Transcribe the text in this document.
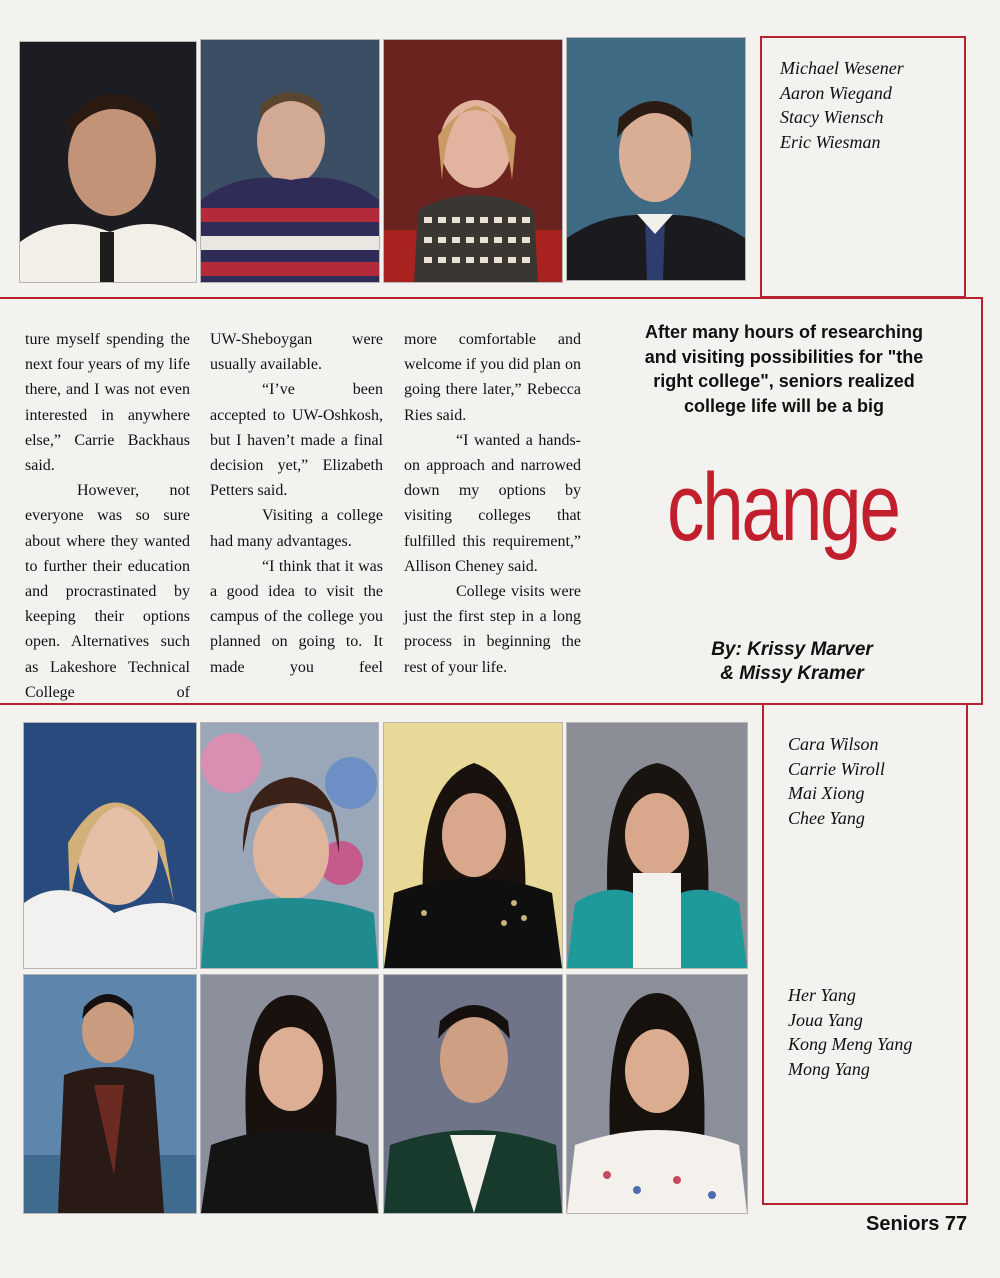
Michael Wesener
Aaron Wiegand
Stacy Wiensch
Eric Wiesman

ture myself spending the next four years of my life there, and I was not even interested in anywhere else,” Carrie Backhaus said.

However, not everyone was so sure about where they wanted to further their education and procrastinated by keeping their options open. Alternatives such as Lakeshore Technical College of

UW-Sheboygan were usually available.

“I’ve been accepted to UW-Oshkosh, but I haven’t made a final decision yet,” Elizabeth Petters said.

Visiting a college had many advantages.

“I think that it was a good idea to visit the campus of the college you planned on going to. It made you feel

more comfortable and welcome if you did plan on going there later,” Rebecca Ries said.

“I wanted a hands-on approach and narrowed down my options by visiting colleges that fulfilled this requirement,” Allison Cheney said.

College visits were just the first step in a long process in beginning the rest of your life.

After many hours of researching and visiting possibilities for "the right college", seniors realized college life will be a big
change
By: Krissy Marver
& Missy Kramer
Cara Wilson
Carrie Wiroll
Mai Xiong
Chee Yang
Her Yang
Joua Yang
Kong Meng Yang
Mong Yang
Seniors 77
